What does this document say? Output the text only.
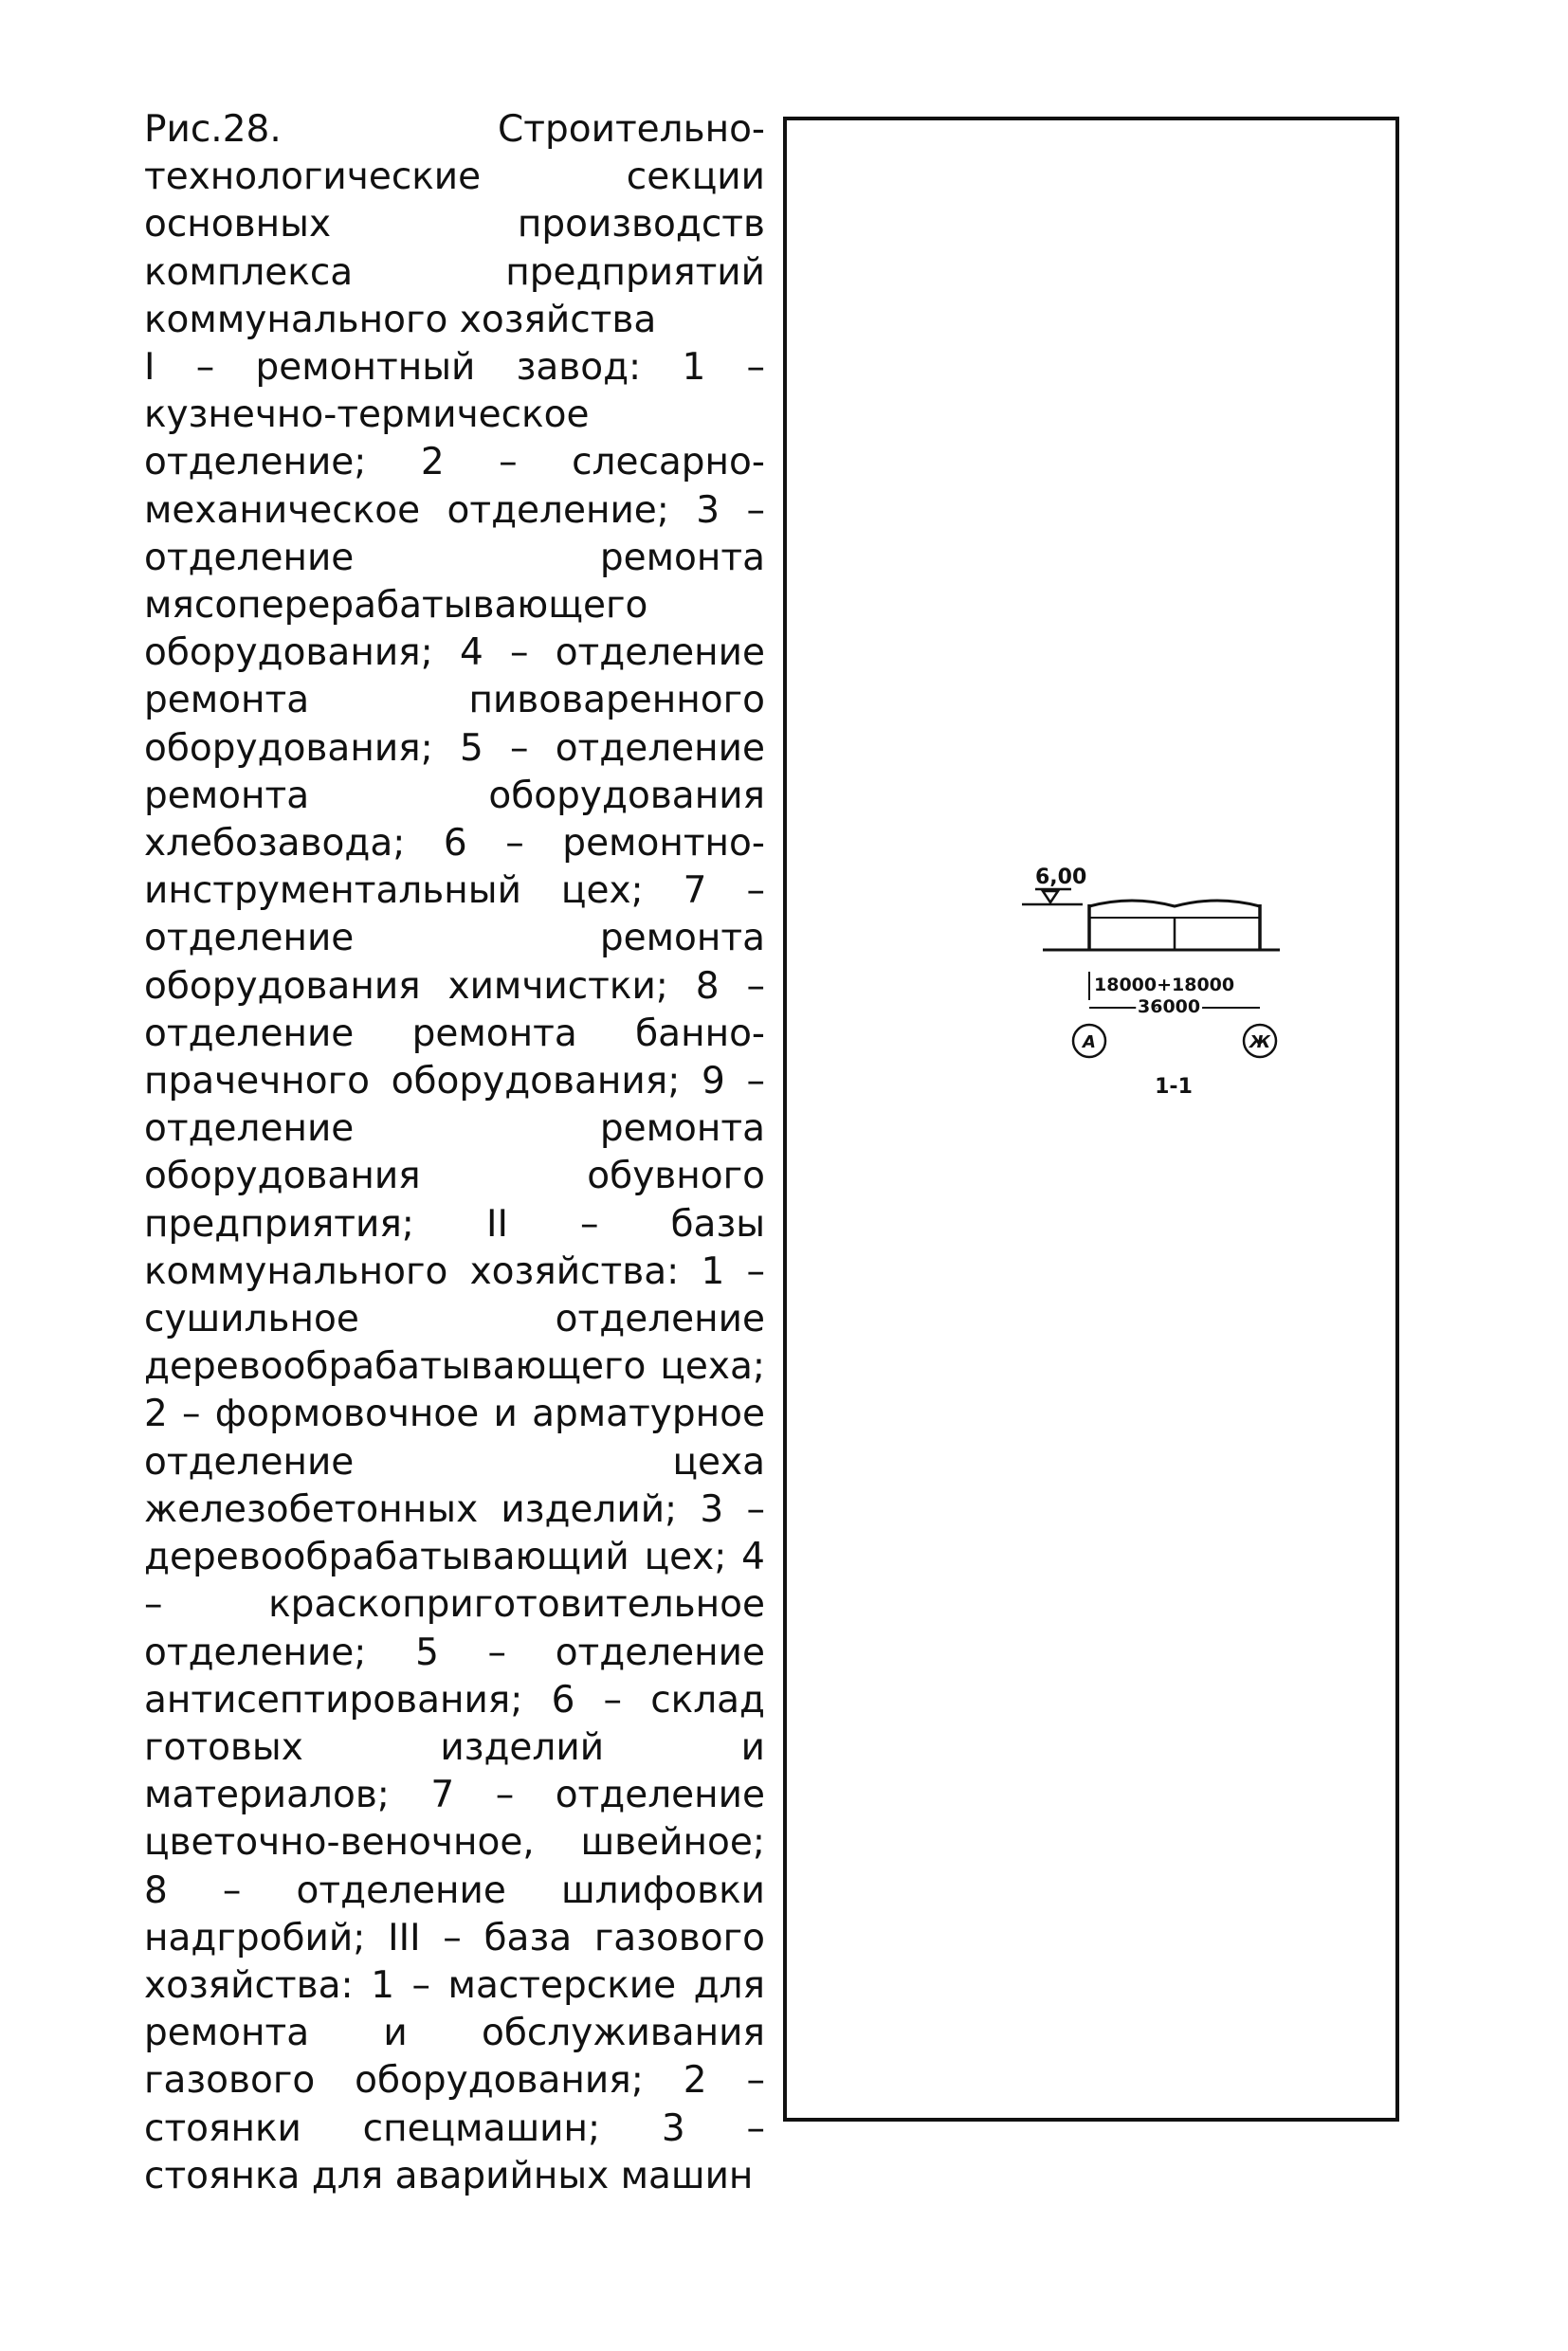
Рис.28. Строительно-технологические секции основных производств комплекса предприятий коммунального хозяйства

I – ремонтный завод: 1 – кузнечно-термическое отделение; 2 – слесарно-механическое отделение; 3 – отделение ремонта мясоперерабатывающего оборудования; 4 – отделение ремонта пивоваренного оборудования; 5 – отделение ремонта оборудования хлебозавода; 6 – ремонтно-инструментальный цех; 7 – отделение ремонта оборудования химчистки; 8 – отделение ремонта банно-прачечного оборудования; 9 – отделение ремонта оборудования обувного предприятия; II – базы коммунального хозяйства: 1 – сушильное отделение деревообрабатывающего цеха; 2 – формовочное и арматурное отделение цеха железобетонных изделий; 3 – деревообрабатывающий цех; 4 – краскоприготовительное отделение; 5 – отделение антисептирования; 6 – склад готовых изделий и материалов; 7 – отделение цветочно-веночное, швейное; 8 – отделение шлифовки надгробий; III – база газового хозяйства: 1 – мастерские для ремонта и обслуживания газового оборудования; 2 – стоянки спецмашин; 3 – стоянка для аварийных машин

6,00
18000+18000
36000
А	Ж
1-1
